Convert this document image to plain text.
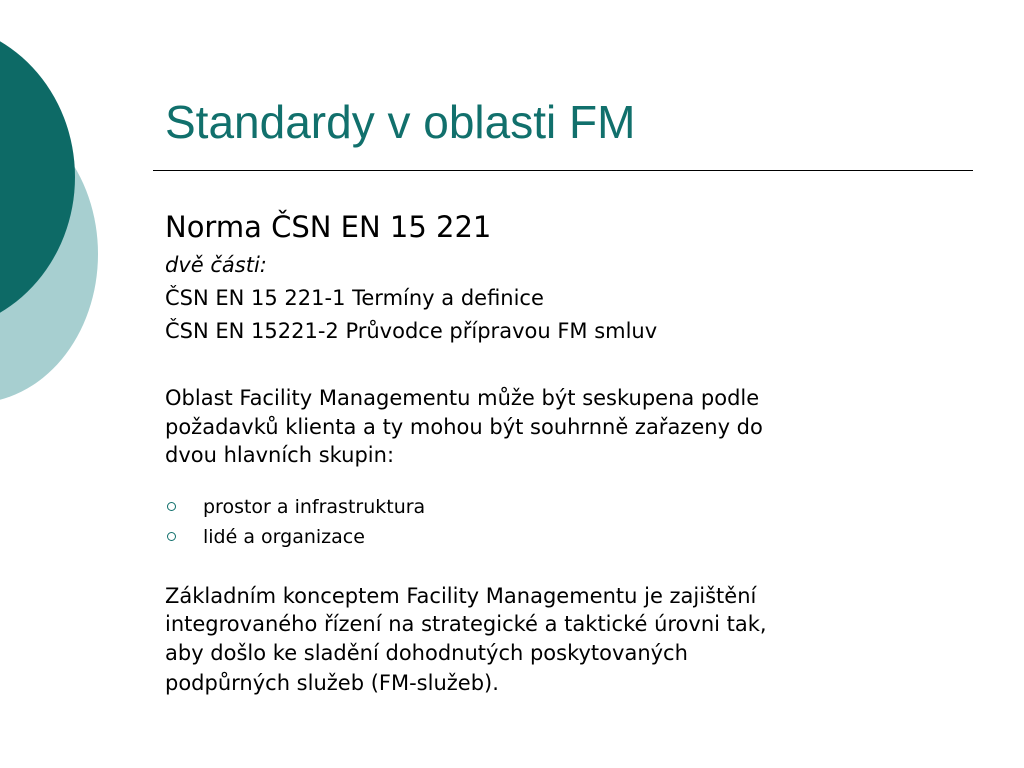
Standardy v oblasti FM

Norma ČSN EN 15 221

dvě části:

ČSN EN 15 221-1 Termíny a definice

ČSN EN 15221-2 Průvodce přípravou FM smluv

Oblast Facility Managementu může být seskupena podle
požadavků klienta a ty mohou být souhrnně zařazeny do
dvou hlavních skupin:

prostor a infrastruktura
lidé a organizace

Základním konceptem Facility Managementu je zajištění
integrovaného řízení na strategické a taktické úrovni tak,
aby došlo ke sladění dohodnutých poskytovaných
podpůrných služeb (FM-služeb).
